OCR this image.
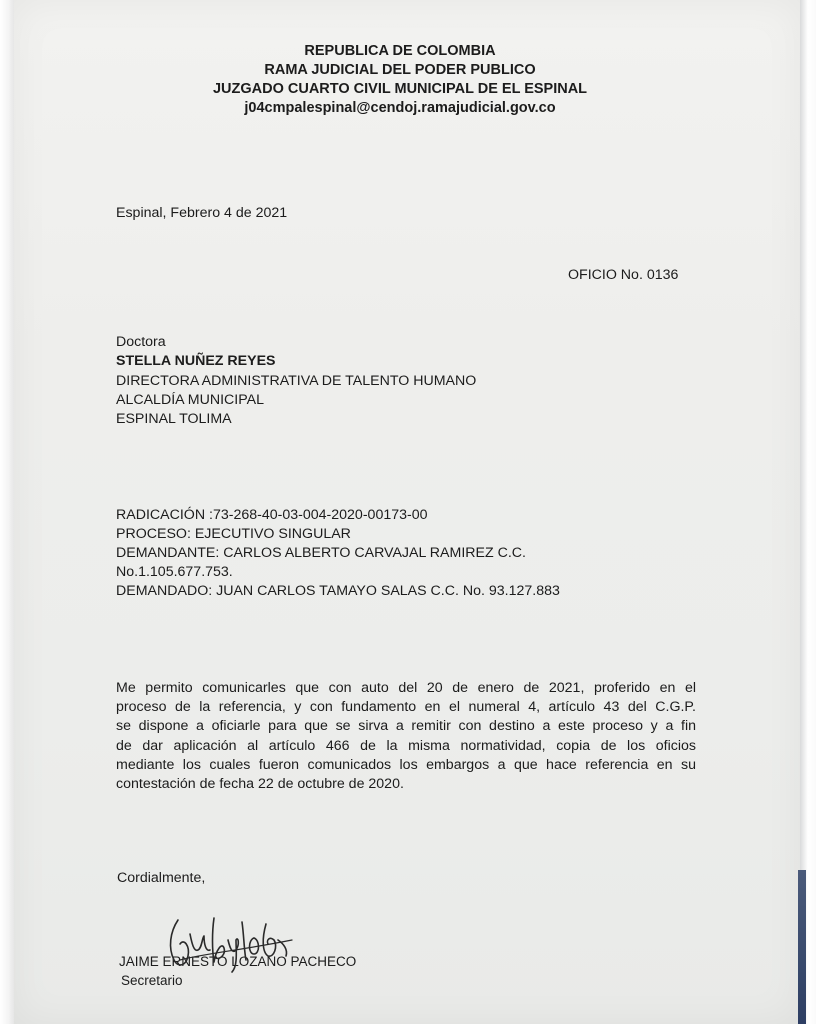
REPUBLICA DE COLOMBIA
RAMA JUDICIAL DEL PODER PUBLICO
JUZGADO CUARTO CIVIL MUNICIPAL DE EL ESPINAL
j04cmpalespinal@cendoj.ramajudicial.gov.co
Espinal, Febrero 4 de 2021
OFICIO No. 0136
Doctora
STELLA NUÑEZ REYES
DIRECTORA ADMINISTRATIVA DE TALENTO HUMANO
ALCALDÍA MUNICIPAL
ESPINAL TOLIMA
RADICACIÓN :73-268-40-03-004-2020-00173-00
PROCESO: EJECUTIVO SINGULAR
DEMANDANTE: CARLOS ALBERTO CARVAJAL RAMIREZ C.C.
No.1.105.677.753.
DEMANDADO: JUAN CARLOS TAMAYO SALAS C.C. No. 93.127.883
Me permito comunicarles que con auto del 20 de enero de 2021, proferido en el
proceso de la referencia, y con fundamento en el numeral 4, artículo 43 del C.G.P.
se dispone a oficiarle para que se sirva a remitir con destino a este proceso y a fin
de dar aplicación al artículo 466 de la misma normatividad, copia de los oficios
mediante los cuales fueron comunicados los embargos a que hace referencia en su
contestación de fecha 22 de octubre de 2020.
Cordialmente,
JAIME ERNESTO LOZANO PACHECO
Secretario
